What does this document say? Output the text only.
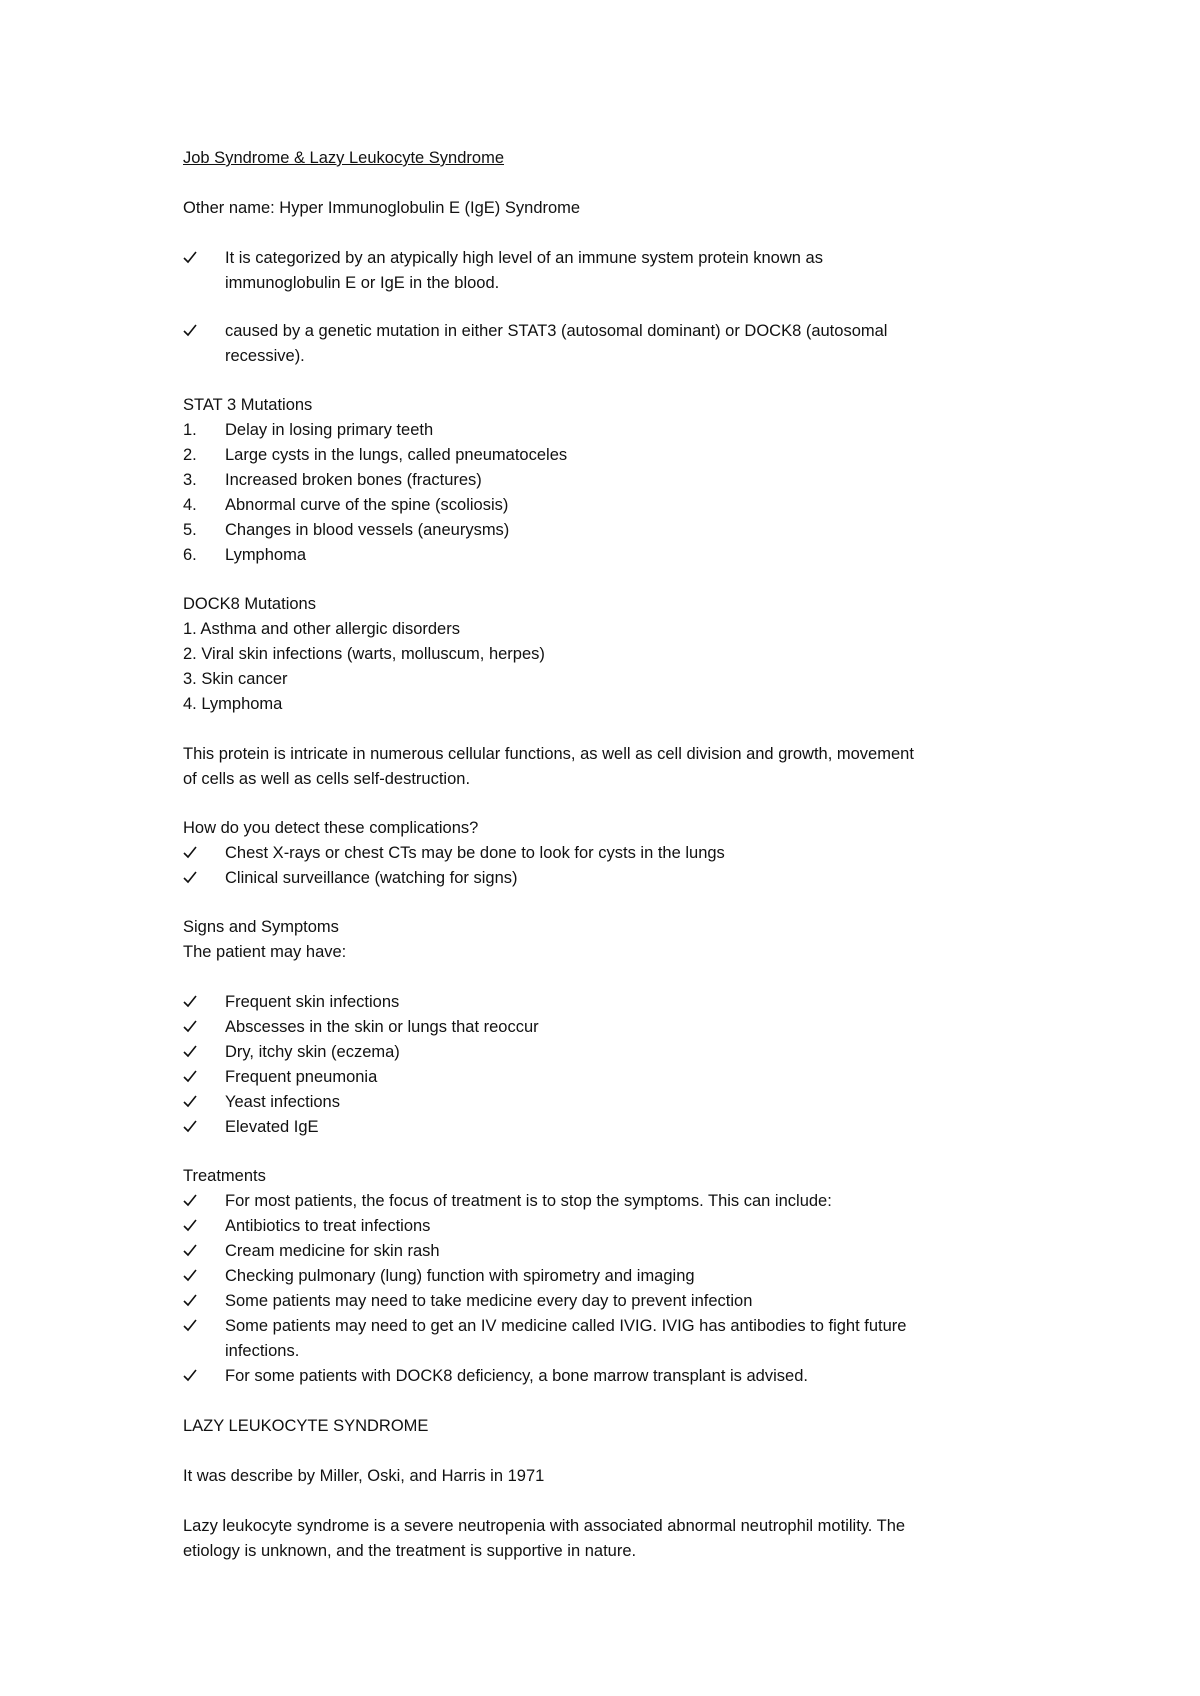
Job Syndrome & Lazy Leukocyte Syndrome
Other name: Hyper Immunoglobulin E (IgE) Syndrome
It is categorized by an atypically high level of an immune system protein known as
immunoglobulin E or IgE in the blood.
caused by a genetic mutation in either STAT3 (autosomal dominant) or DOCK8 (autosomal
recessive).
STAT 3 Mutations
1. Delay in losing primary teeth
2. Large cysts in the lungs, called pneumatoceles
3. Increased broken bones (fractures)
4. Abnormal curve of the spine (scoliosis)
5. Changes in blood vessels (aneurysms)
6. Lymphoma
DOCK8 Mutations
1. Asthma and other allergic disorders
2. Viral skin infections (warts, molluscum, herpes)
3. Skin cancer
4. Lymphoma
This protein is intricate in numerous cellular functions, as well as cell division and growth, movement
of cells as well as cells self-destruction.
How do you detect these complications?
Chest X-rays or chest CTs may be done to look for cysts in the lungs
Clinical surveillance (watching for signs)
Signs and Symptoms
The patient may have:
Frequent skin infections
Abscesses in the skin or lungs that reoccur
Dry, itchy skin (eczema)
Frequent pneumonia
Yeast infections
Elevated IgE
Treatments
For most patients, the focus of treatment is to stop the symptoms. This can include:
Antibiotics to treat infections
Cream medicine for skin rash
Checking pulmonary (lung) function with spirometry and imaging
Some patients may need to take medicine every day to prevent infection
Some patients may need to get an IV medicine called IVIG. IVIG has antibodies to fight future
infections.
For some patients with DOCK8 deficiency, a bone marrow transplant is advised.
LAZY LEUKOCYTE SYNDROME
It was describe by Miller, Oski, and Harris in 1971
Lazy leukocyte syndrome is a severe neutropenia with associated abnormal neutrophil motility. The
etiology is unknown, and the treatment is supportive in nature.
